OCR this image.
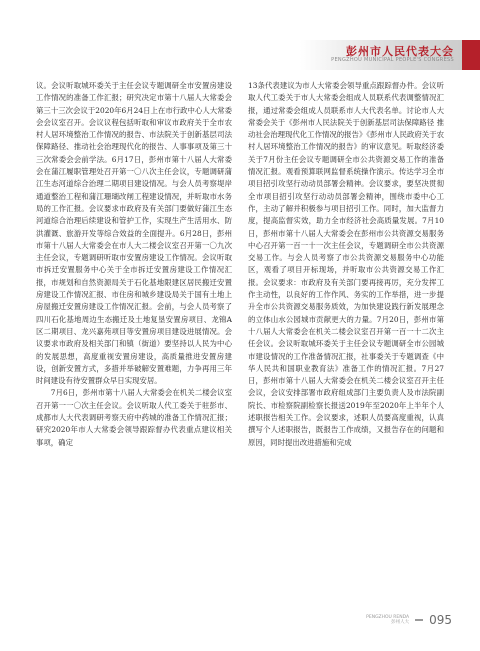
彭州市人民代表大会
PENGZHOU MUNICIPAL PEOPLE'S CONGRESS

议。会议听取城环委关于主任会议专题调研全市安置房建设工作情况的准备工作汇报；研究决定市第十八届人大常委会第三十三次会议于2020年6月24日上在市行政中心人大常委会会议室召开。会议议程包括听取和审议市政府关于全市农村人居环境整治工作情况的报告、市法院关于创新基层司法保障路径、推动社会治理现代化的报告、人事事项及第三十三次常委会会前学法。6月17日，彭州市第十八届人大常委会在蒲江履职管理处召开第一〇八次主任会议，专题调研蒲江生态河道综合治理二期项目建设情况。与会人员考察堤岸通道整治工程和蒲江珊瑚改闸工程建设情况，并听取市水务局的工作汇报。会议要求市政府及有关部门要做好蒲江生态河道综合治理后续建设和管护工作，实现生产生活用水、防洪灌溉、旅游开发等综合效益的全面提升。6月28日，彭州市第十八届人大常委会在市人大二楼会议室召开第一〇九次主任会议，专题调研听取市安置房建设工作情况。会议听取市拆迁安置服务中心关于全市拆迁安置房建设工作情况汇报，市规划和自然资源局关于石化基地限建区居民搬迁安置房建设工作情况汇报、市住房和城乡建设局关于国有土地上房屋搬迁安置房建设工作情况汇报。会前，与会人员考察了四川石化基地周边生态搬迁及土地复垦安置房项目、龙锦A区二期项目、龙兴嘉苑项目等安置房项目建设进展情况。会议要求市政府及相关部门和镇（街道）要坚持以人民为中心的发展思想，高度重视安置房建设，高质量推进安置房建设，创新安置方式，多措并举破解安置难题，力争再用三年时间建设有待安置群众早日实现安居。

7月6日，彭州市第十八届人大常委会在机关二楼会议室召开第一一〇次主任会议。会议听取人代工委关于驻彭市、成都市人大代表调研考察天府中药城的准备工作情况汇报；研究2020年市人大常委会领导跟踪督办代表重点建议相关事项，确定

13条代表建议为市人大常委会领导重点跟踪督办件。会议听取人代工委关于市人大常委会组成人员联系代表调整情况汇报，通过常委会组成人员联系市人大代表名单。讨论市人大常委会关于《彭州市人民法院关于创新基层司法保障路径 推动社会治理现代化工作情况的报告》《彭州市人民政府关于农村人居环境整治工作情况的报告》的审议意见。听取经济委关于7月份主任会议专题调研全市公共资源交易工作的准备情况汇报。观看预算联网监督系统操作演示。传达学习全市项目招引攻坚行动动员部署会精神。会议要求，要坚决贯彻全市项目招引攻坚行动动员部署会精神，围绕市委中心工作，主动了解并积极参与项目招引工作。同时，加大监督力度，提高监督实效，助力全市经济社会高质量发展。7月10日，彭州市第十八届人大常委会在彭州市公共资源交易服务中心召开第一百一十一次主任会议，专题调研全市公共资源交易工作。与会人员考察了市公共资源交易服务中心功能区，观看了项目开标现场，并听取市公共资源交易工作汇报。会议要求：市政府及有关部门要再接再厉，充分发挥工作主动性，以良好的工作作风、务实的工作举措，进一步提升全市公共资源交易服务质效，为加快建设践行新发展理念的立体山水公园城市贡献更大的力量。7月20日，彭州市第十八届人大常委会在机关二楼会议室召开第一百一十二次主任会议。会议听取城环委关于主任会议专题调研全市公园城市建设情况的工作准备情况汇报，社事委关于专题调查《中华人民共和国职业教育法》准备工作的情况汇报。7月27日，彭州市第十八届人大常委会在机关二楼会议室召开主任会议，会议安排部署市政府组成部门主要负责人及市法院副院长、市检察院副检察长报送2019年至2020年上半年个人述职报告相关工作。会议要求，述职人员要高度重视，认真撰写个人述职报告，既报告工作成绩，又报告存在的问题和原因，同时提出改进措施和完成

PENGZHOU RENDA
彭州人大 095
